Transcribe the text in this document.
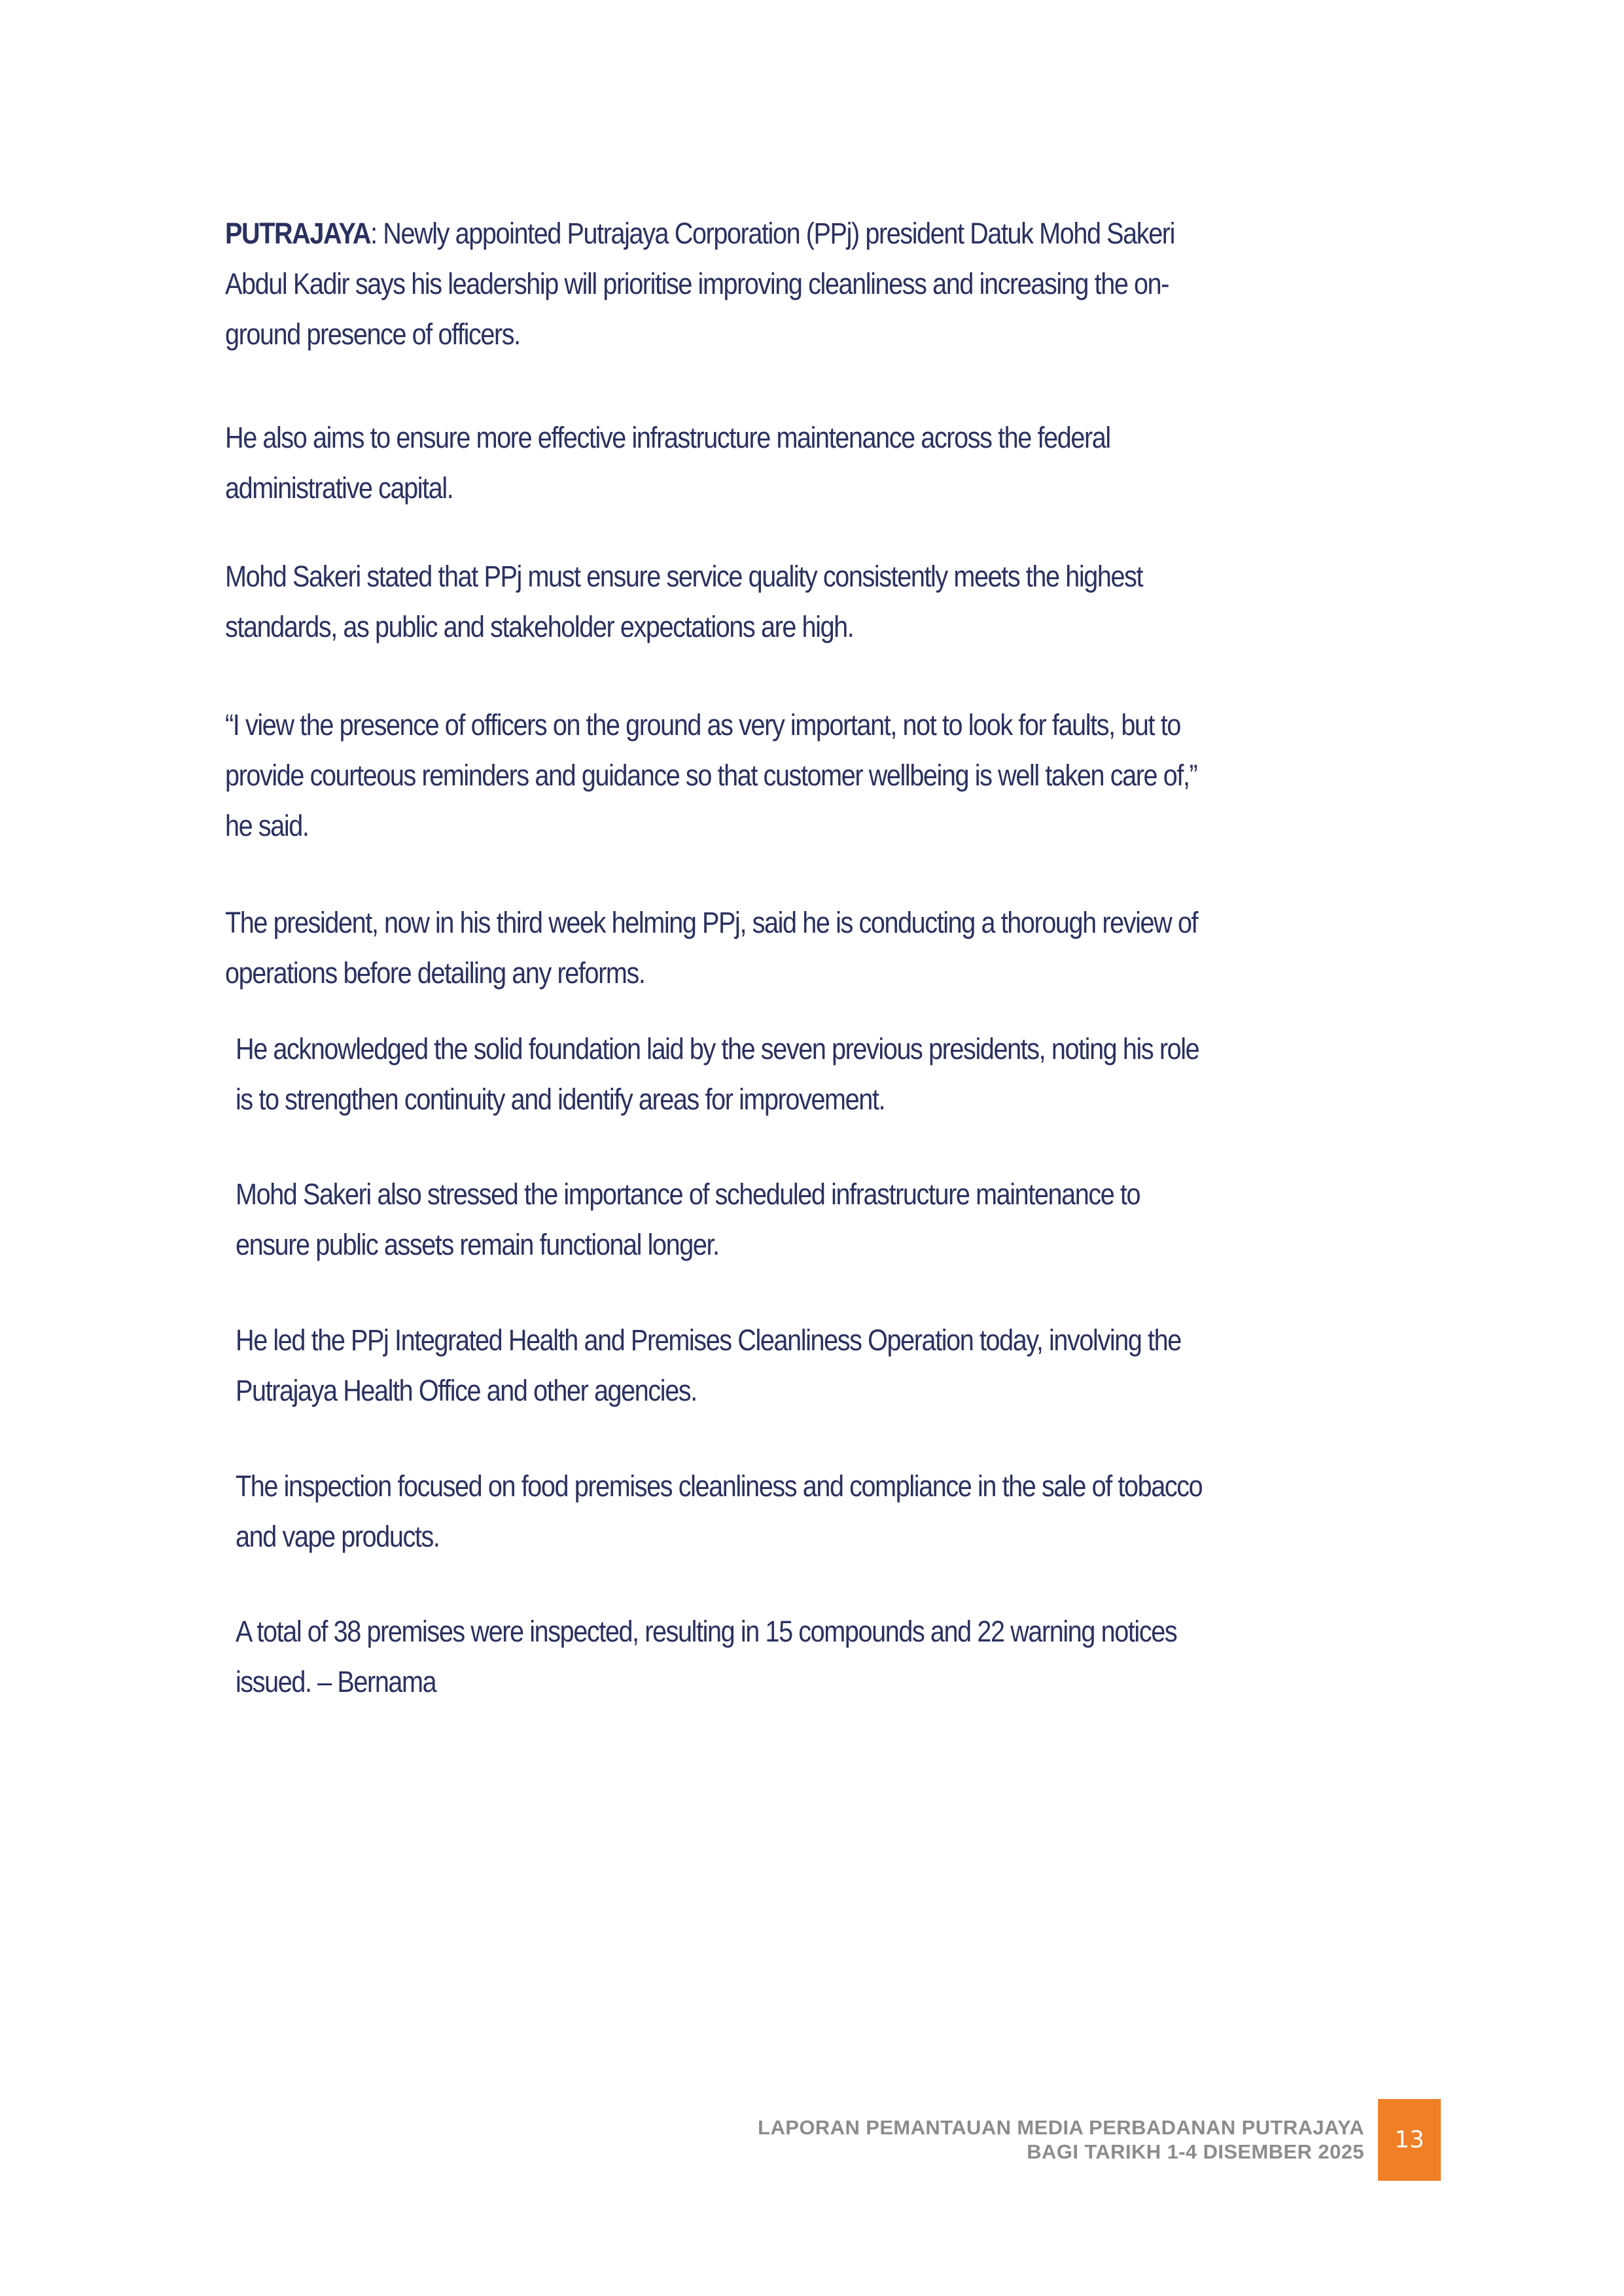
PUTRAJAYA: Newly appointed Putrajaya Corporation (PPj) president Datuk Mohd Sakeri
Abdul Kadir says his leadership will prioritise improving cleanliness and increasing the on-
ground presence of officers.

He also aims to ensure more effective infrastructure maintenance across the federal
administrative capital.

Mohd Sakeri stated that PPj must ensure service quality consistently meets the highest
standards, as public and stakeholder expectations are high.

“I view the presence of officers on the ground as very important, not to look for faults, but to
provide courteous reminders and guidance so that customer wellbeing is well taken care of,”
he said.

The president, now in his third week helming PPj, said he is conducting a thorough review of
operations before detailing any reforms.

He acknowledged the solid foundation laid by the seven previous presidents, noting his role
is to strengthen continuity and identify areas for improvement.

Mohd Sakeri also stressed the importance of scheduled infrastructure maintenance to
ensure public assets remain functional longer.

He led the PPj Integrated Health and Premises Cleanliness Operation today, involving the
Putrajaya Health Office and other agencies.

The inspection focused on food premises cleanliness and compliance in the sale of tobacco
and vape products.

A total of 38 premises were inspected, resulting in 15 compounds and 22 warning notices
issued. – Bernama

LAPORAN PEMANTAUAN MEDIA PERBADANAN PUTRAJAYA
BAGI TARIKH 1-4 DISEMBER 2025 13
